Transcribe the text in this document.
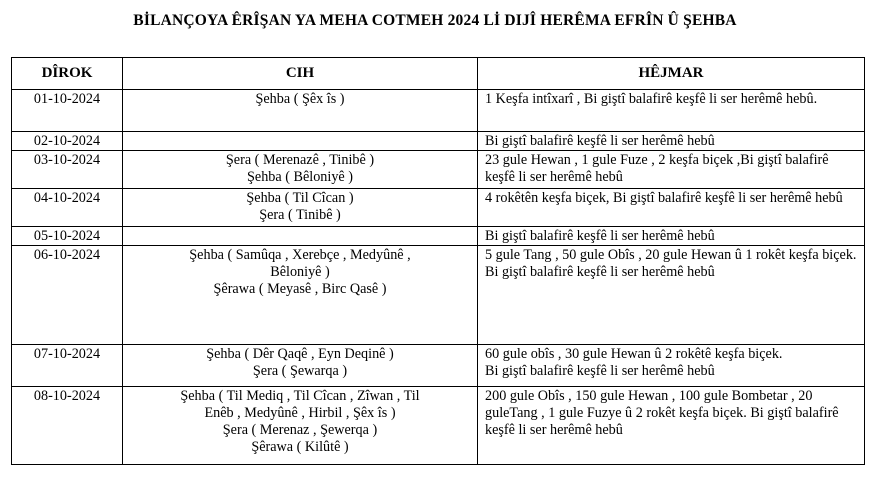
BİLANÇOYA ÊRÎŞAN YA MEHA COTMEH 2024 Lİ DIJÎ HERÊMA EFRÎN Û ŞEHBA
DÎROK	CIH	HÊJMAR
01-10-2024	Şehba ( Şêx îs )	1 Keşfa intîxarî , Bi giştî balafirê keşfê li ser herêmê hebû.

02-10-2024		Bi giştî balafirê keşfê li ser herêmê hebû

03-10-2024	Şera ( Merenazê , Tinibê )
Şehba ( Bêloniyê )	23 gule Hewan , 1 gule Fuze , 2 keşfa biçek ,Bi giştî balafirê keşfê li ser herêmê hebû

04-10-2024	Şehba ( Til Cîcan )
Şera ( Tinibê )	4 rokêtên keşfa biçek, Bi giştî balafirê keşfê li ser herêmê hebû

05-10-2024		Bi giştî balafirê keşfê li ser herêmê hebû

06-10-2024	Şehba ( Samûqa , Xerebçe , Medyûnê ,
Bêloniyê )
Şêrawa ( Meyasê , Birc Qasê )	5 gule Tang , 50 gule Obîs , 20 gule Hewan û 1 rokêt keşfa biçek. Bi giştî balafirê keşfê li ser herêmê hebû

07-10-2024	Şehba ( Dêr Qaqê , Eyn Deqinê )
Şera ( Şewarqa )	60 gule obîs , 30 gule Hewan û 2 rokêtê keşfa biçek.
Bi giştî balafirê keşfê li ser herêmê hebû

08-10-2024	Şehba ( Til Mediq , Til Cîcan , Zîwan , Til
Enêb , Medyûnê , Hirbil , Şêx îs )
Şera ( Merenaz , Şewerqa )
Şêrawa ( Kilûtê )	200 gule Obîs , 150 gule Hewan , 100 gule Bombetar , 20 guleTang , 1 gule Fuzye û 2 rokêt keşfa biçek. Bi giştî balafirê keşfê li ser herêmê hebû
